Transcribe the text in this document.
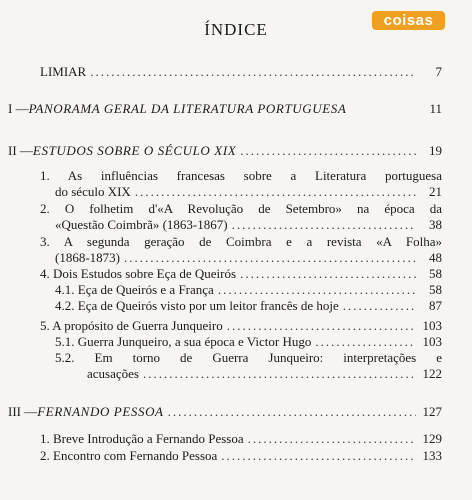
ÍNDICE	coisas
LIMIAR .....	7
I — PANORAMA GERAL DA LITERATURA PORTUGUESA	11
II — ESTUDOS SOBRE O SÉCULO XIX .....	19
1. As influências francesas sobre a Literatura portuguesa
do século XIX .....	21
2. O folhetim d'«A Revolução de Setembro» na época da
«Questão Coimbrã» (1863-1867) .....	38
3. A segunda geração de Coimbra e a revista «A Folha»
(1868-1873) .....	48
4. Dois Estudos sobre Eça de Queirós .....	58
4.1. Eça de Queirós e a França .....	58
4.2. Eça de Queirós visto por um leitor francês de hoje .....	87
5. A propósito de Guerra Junqueiro .....	103
5.1. Guerra Junqueiro, a sua época e Victor Hugo .....	103
5.2. Em torno de Guerra Junqueiro: interpretações e
acusações .....	122
III — FERNANDO PESSOA .....	127
1. Breve Introdução a Fernando Pessoa .....	129
2. Encontro com Fernando Pessoa .....	133
